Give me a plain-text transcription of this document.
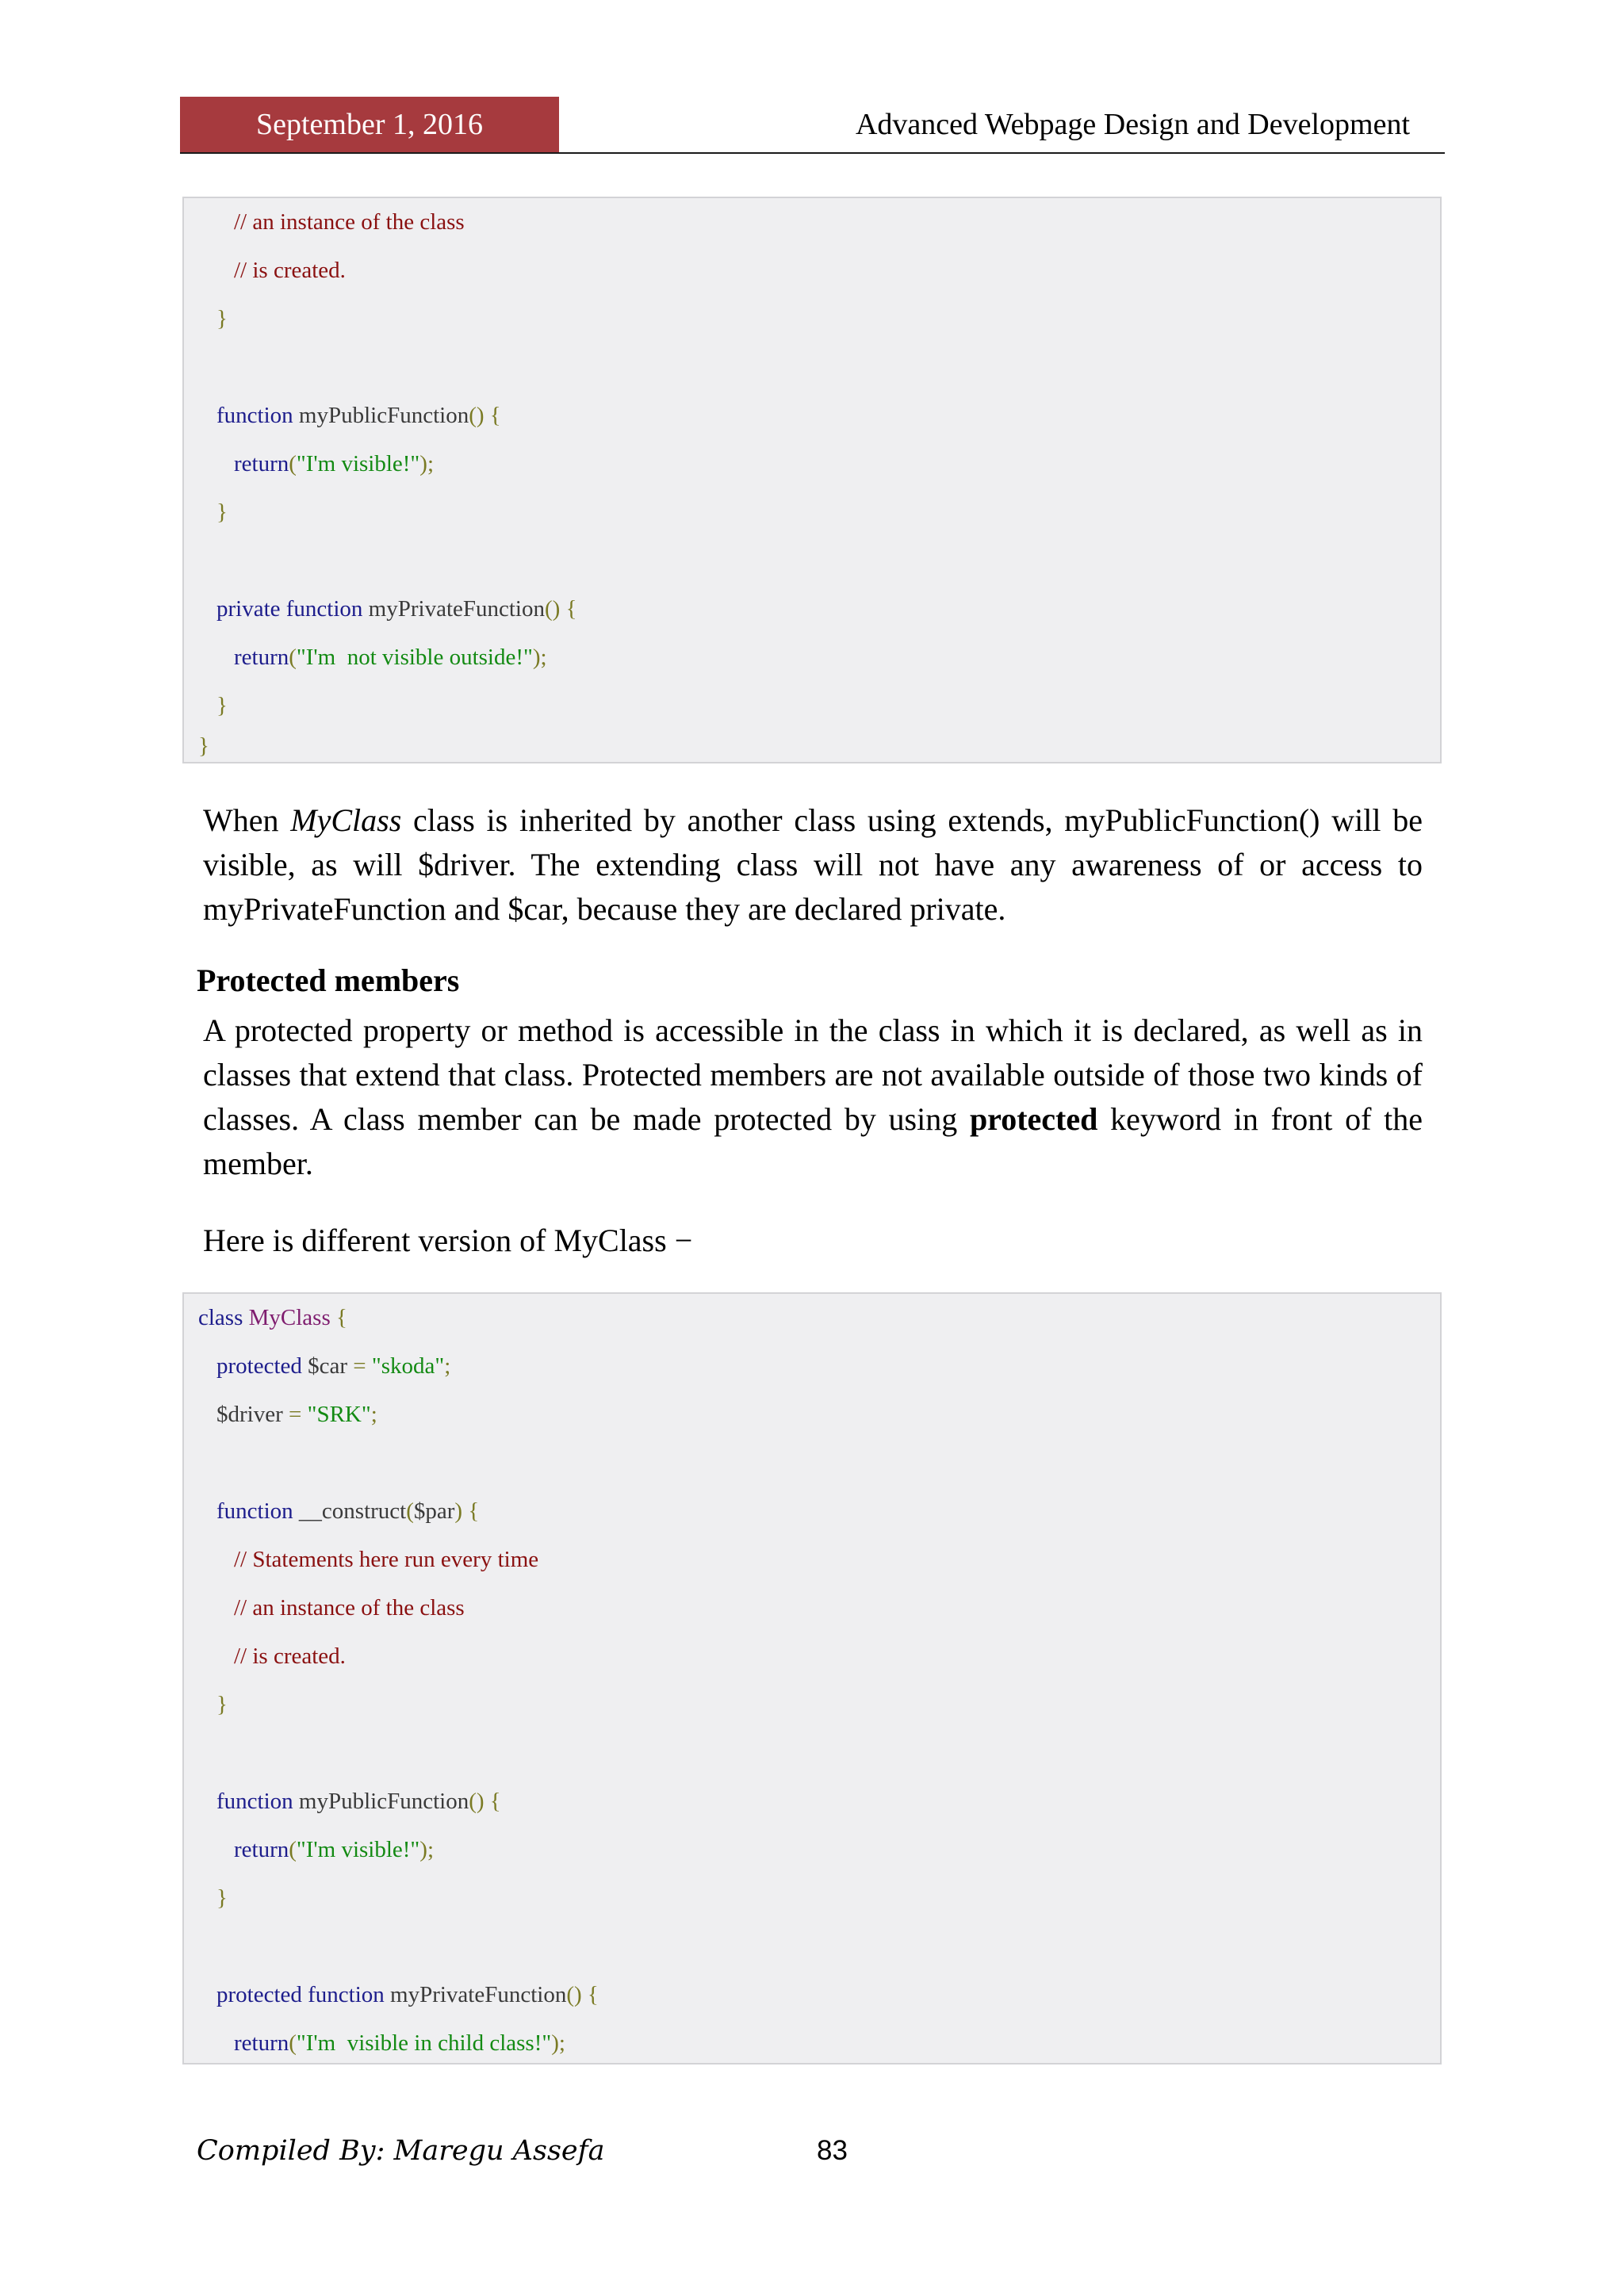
September 1, 2016	Advanced Webpage Design and Development
// an instance of the class
// is created.
}
function myPublicFunction() {
return("I'm visible!");
}
private function myPrivateFunction() {
return("I'm  not visible outside!");
}
}

When MyClass class is inherited by another class using extends, myPublicFunction() will be visible, as will $driver. The extending class will not have any awareness of or access to myPrivateFunction and $car, because they are declared private.

Protected members

A protected property or method is accessible in the class in which it is declared, as well as in classes that extend that class. Protected members are not available outside of those two kinds of classes. A class member can be made protected by using protected keyword in front of the member.

Here is different version of MyClass −

class MyClass {
protected $car = "skoda";
$driver = "SRK";
function __construct($par) {
// Statements here run every time
// an instance of the class
// is created.
}
function myPublicFunction() {
return("I'm visible!");
}
protected function myPrivateFunction() {
return("I'm  visible in child class!");
Compiled By: Maregu Assefa	83
